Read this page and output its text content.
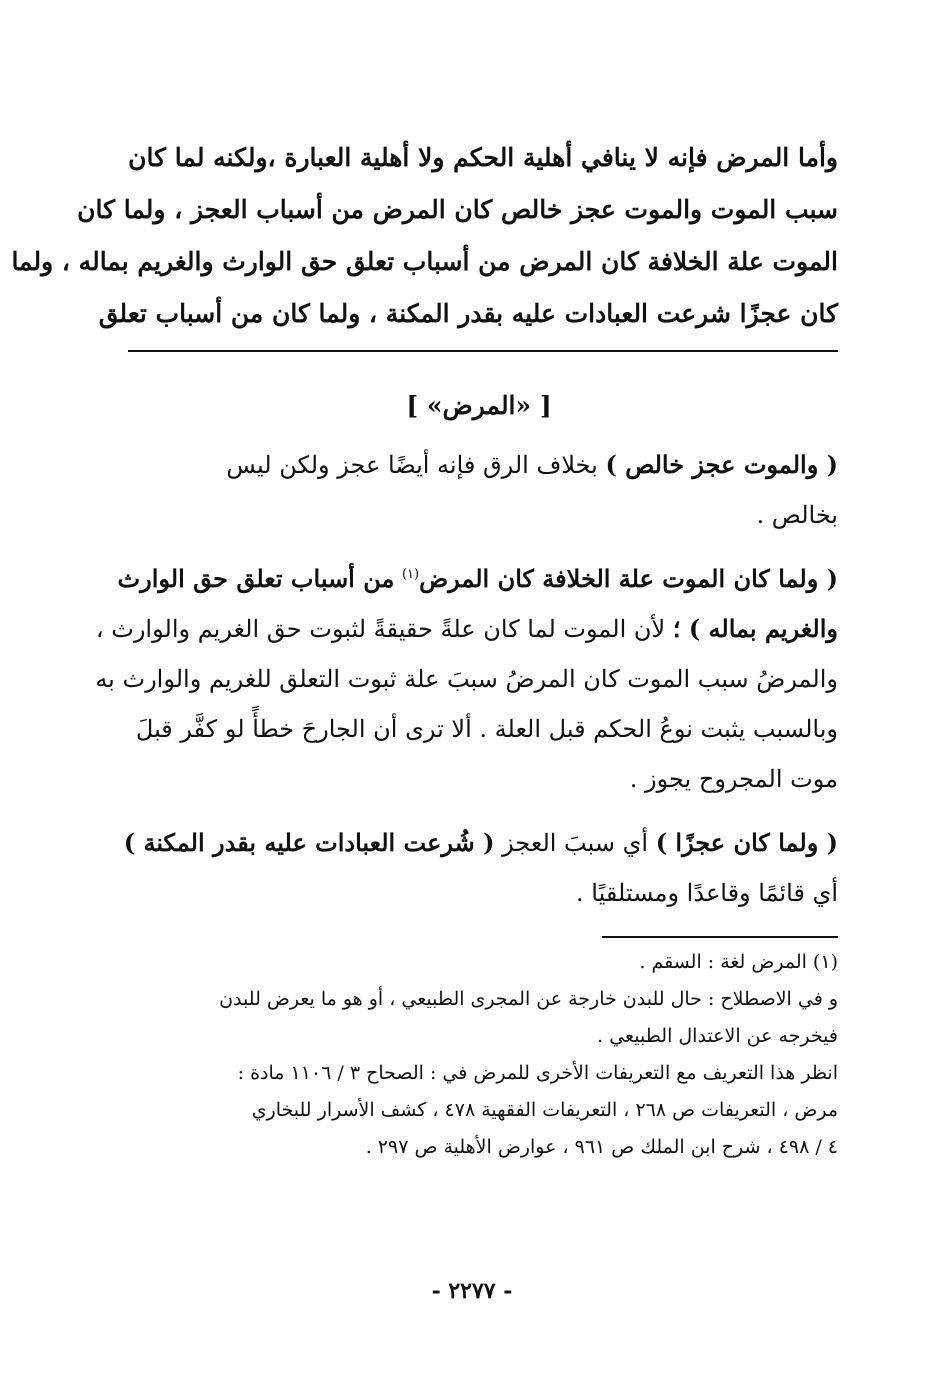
وأما المرض فإنه لا ينافي أهلية الحكم ولا أهلية العبارة ،ولكنه لما كان
سبب الموت والموت عجز خالص كان المرض من أسباب العجز ، ولما كان
الموت علة الخلافة كان المرض من أسباب تعلق حق الوارث والغريم بماله ، ولما
كان عجزًا شرعت العبادات عليه بقدر المكنة ، ولما كان من أسباب تعلق
[ «المرض» ]
( والموت عجز خالص ) بخلاف الرق فإنه أيضًا عجز ولكن ليس
بخالص .
( ولما كان الموت علة الخلافة كان المرض$^{(١)}$ من أسباب تعلق حق الوارث
والغريم بماله ) ؛ لأن الموت لما كان علةً حقيقةً لثبوت حق الغريم والوارث ،
والمرضُ سبب الموت كان المرضُ سببَ علة ثبوت التعلق للغريم والوارث به
وبالسبب يثبت نوعُ الحكم قبل العلة . ألا ترى أن الجارحَ خطأً لو كفَّر قبلَ
موت المجروح يجوز .
( ولما كان عجزًا ) أي سببَ العجز ( شُرعت العبادات عليه بقدر المكنة )
أي قائمًا وقاعدًا ومستلقيًا .
(١) المرض لغة : السقم .
و في الاصطلاح : حال للبدن خارجة عن المجرى الطبيعي ، أو هو ما يعرض للبدن
فيخرجه عن الاعتدال الطبيعي .
انظر هذا التعريف مع التعريفات الأخرى للمرض في : الصحاح ٣ / ١١٠٦ مادة :
مرض ، التعريفات ص ٢٦٨ ، التعريفات الفقهية ٤٧٨ ، كشف الأسرار للبخاري
٤ / ٤٩٨ ، شرح ابن الملك ص ٩٦١ ، عوارض الأهلية ص ٢٩٧ .
- ٢٢٧٧ -
